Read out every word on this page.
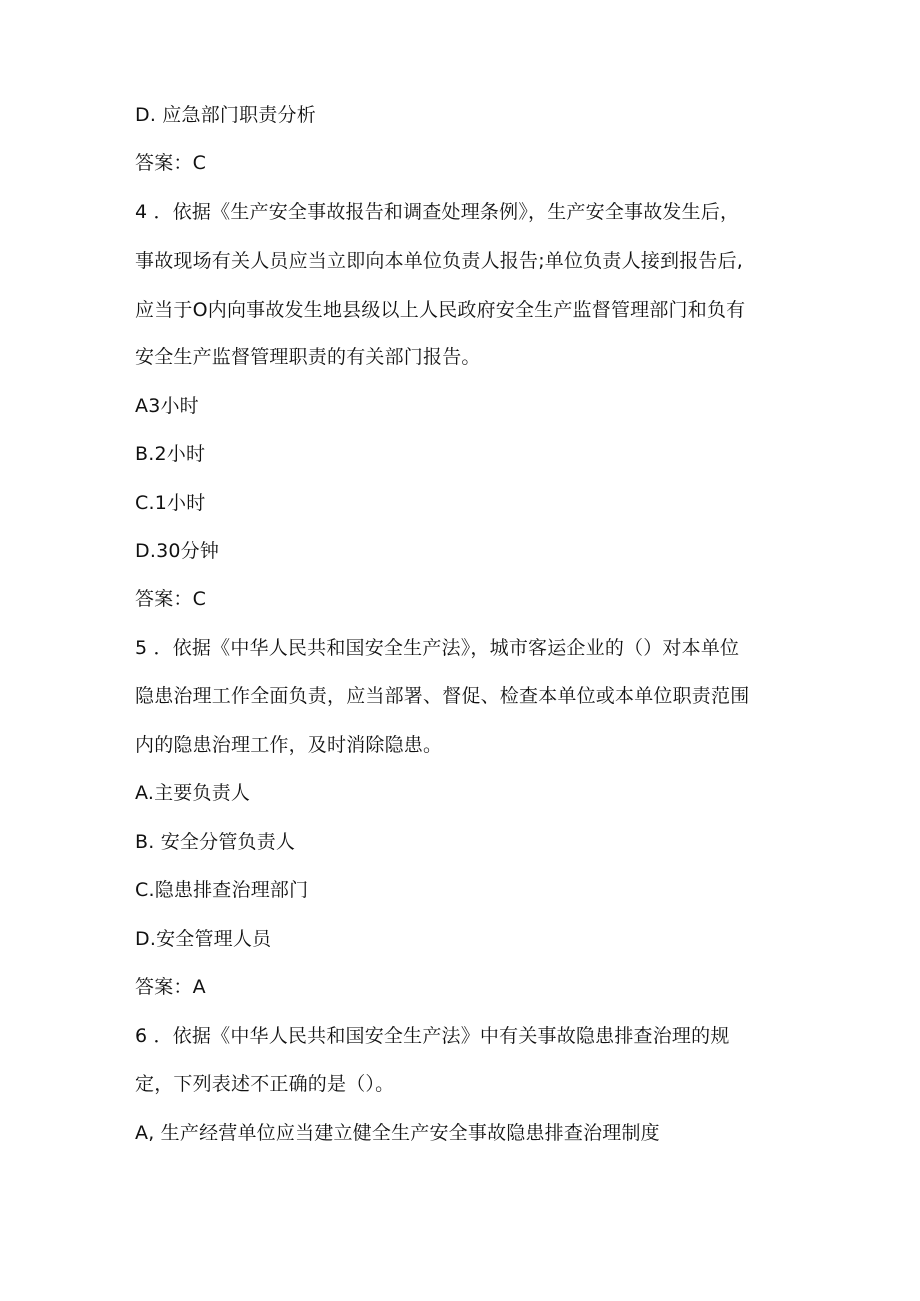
D. 应急部门职责分析
答案：C
4 ．依据《生产安全事故报告和调查处理条例》，生产安全事故发生后，
事故现场有关人员应当立即向本单位负责人报告;单位负责人接到报告后,
应当于O内向事故发生地县级以上人民政府安全生产监督管理部门和负有
安全生产监督管理职责的有关部门报告。
A3小时
B.2小时
C.1小时
D.30分钟
答案：C
5 ．依据《中华人民共和国安全生产法》，城市客运企业的（）对本单位
隐患治理工作全面负责，应当部署、督促、检查本单位或本单位职责范围
内的隐患治理工作，及时消除隐患。
A.主要负责人
B. 安全分管负责人
C.隐患排查治理部门
D.安全管理人员
答案：A
6 ．依据《中华人民共和国安全生产法》中有关事故隐患排查治理的规
定，下列表述不正确的是（）。
A, 生产经营单位应当建立健全生产安全事故隐患排查治理制度
